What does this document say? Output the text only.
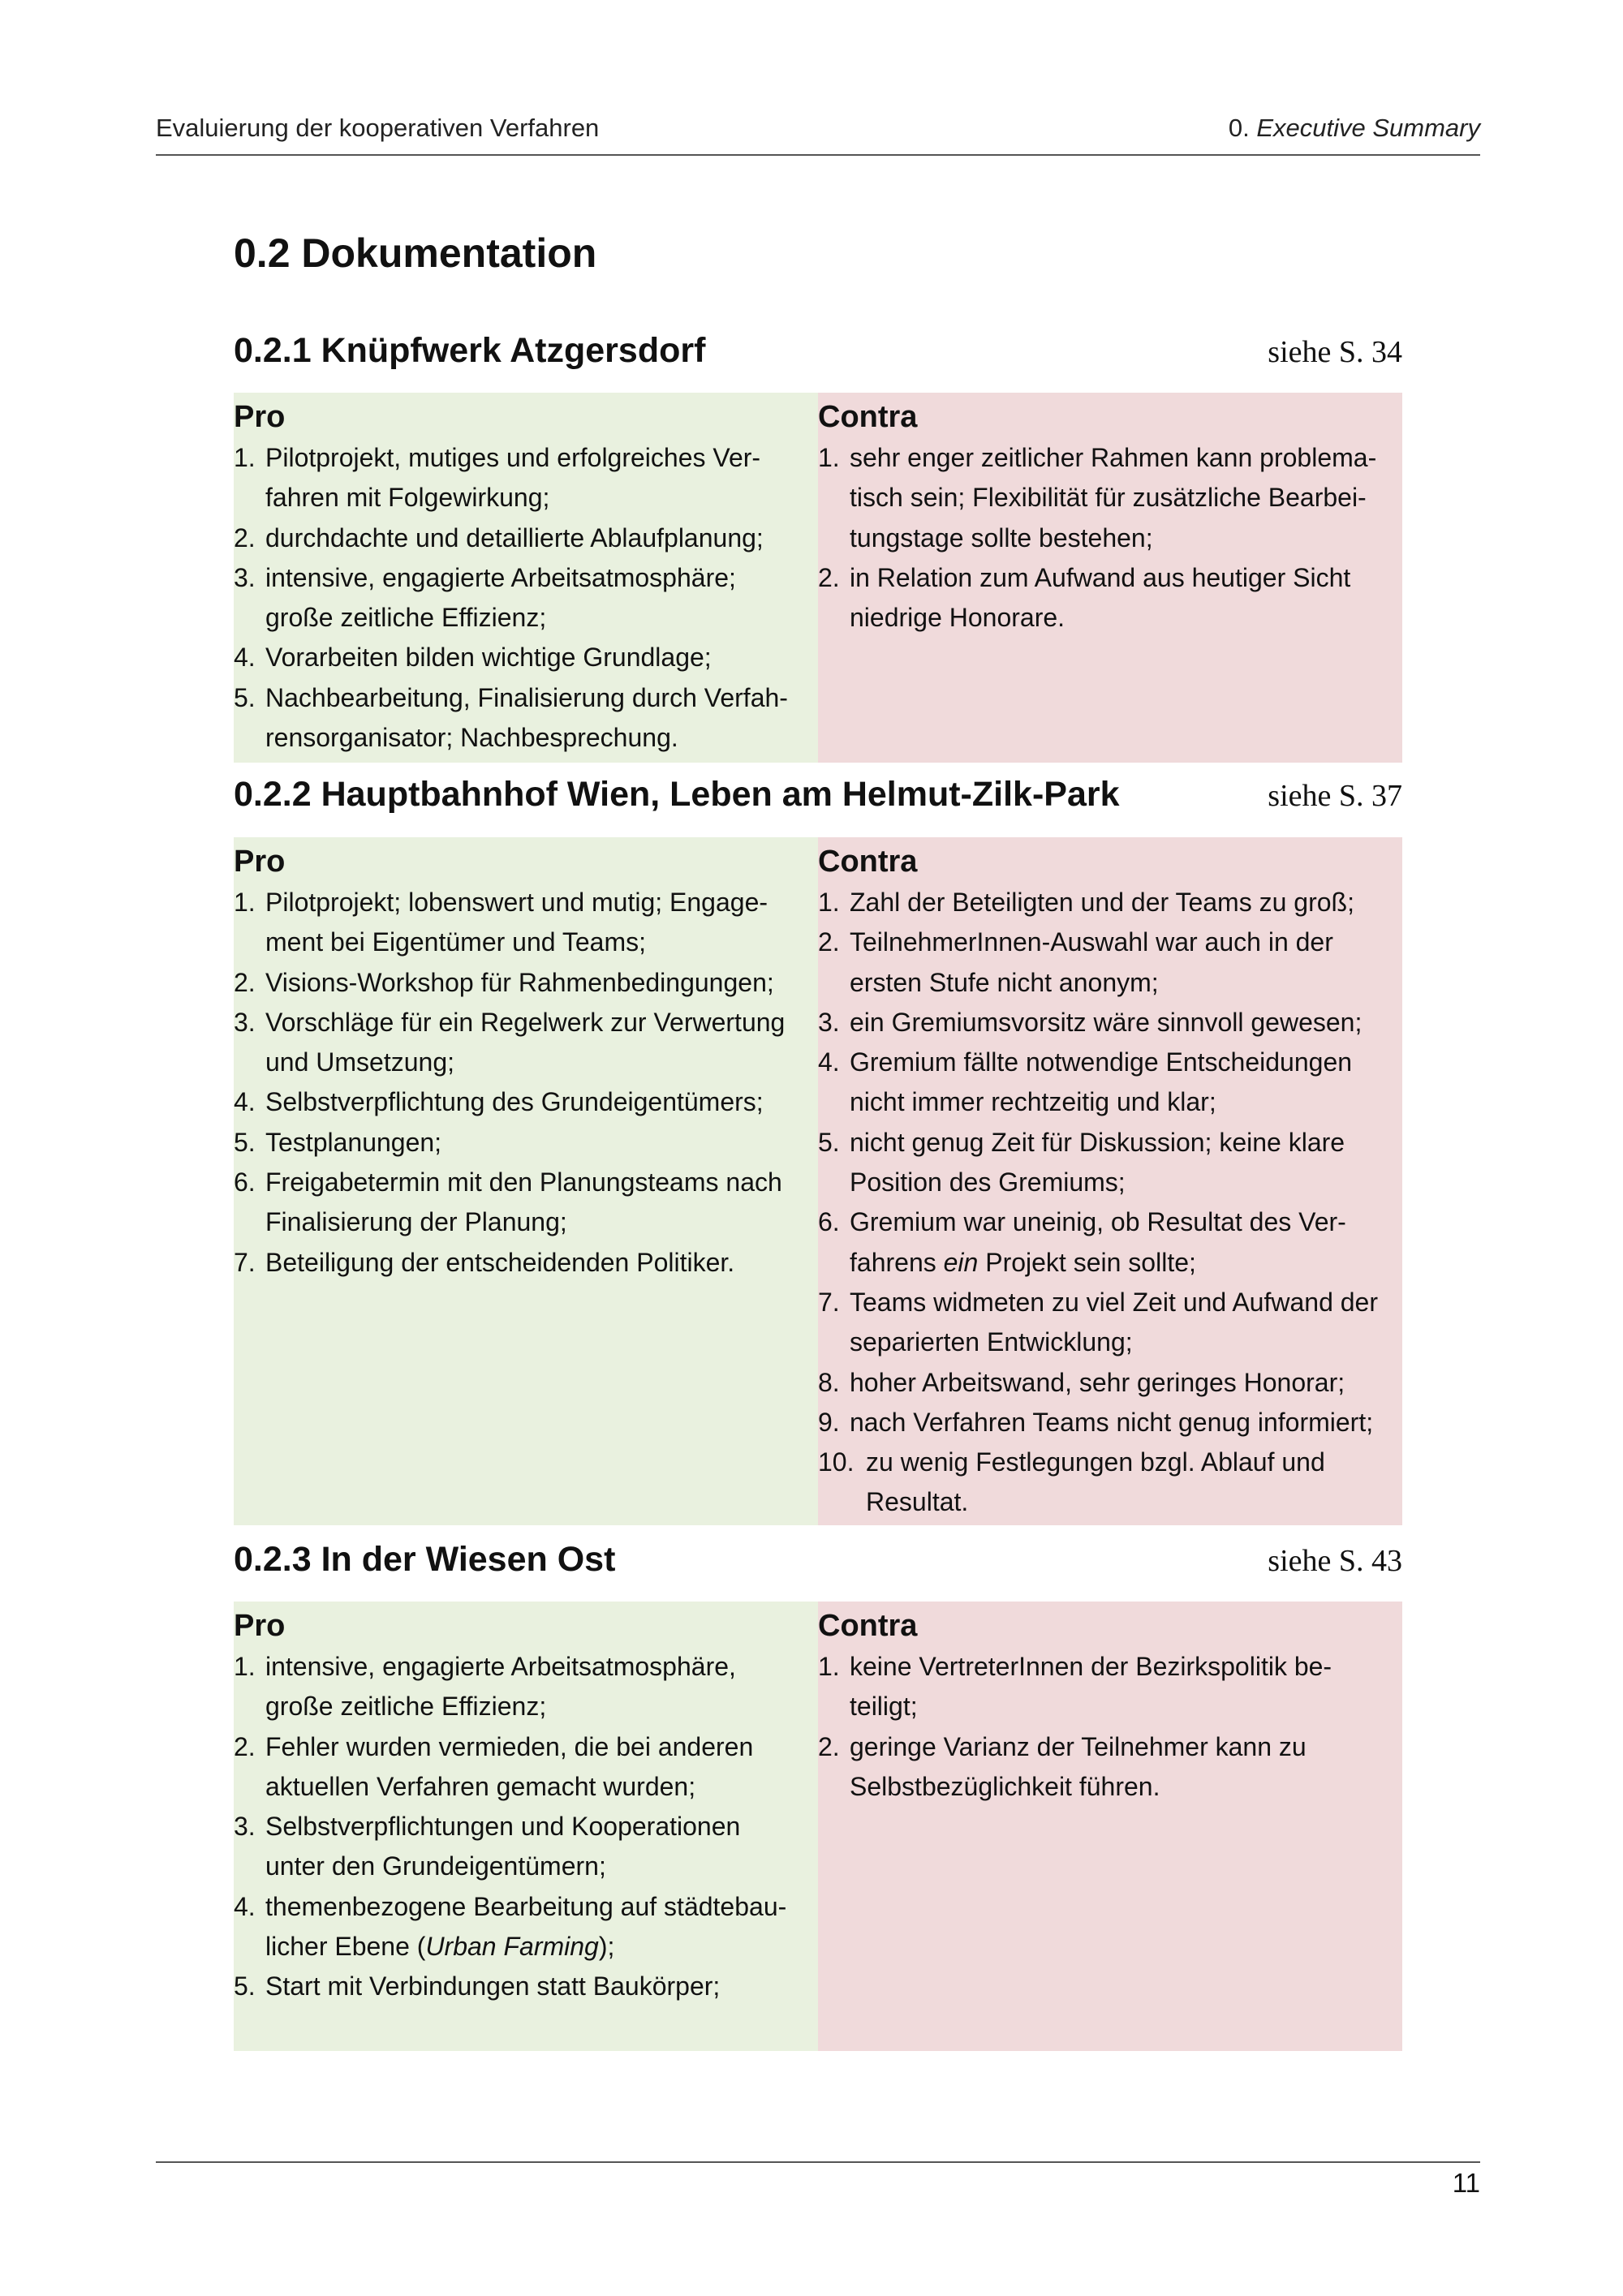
Evaluierung der kooperativen Verfahren	0. Executive Summary
0.2 Dokumentation
0.2.1 Knüpfwerk Atzgersdorf	siehe S. 34
Pro
1. Pilotprojekt, mutiges und erfolgreiches Ver-
fahren mit Folgewirkung;
2. durchdachte und detaillierte Ablaufplanung;
3. intensive, engagierte Arbeitsatmosphäre;
große zeitliche Effizienz;
4. Vorarbeiten bilden wichtige Grundlage;
5. Nachbearbeitung, Finalisierung durch Verfah-
rensorganisator; Nachbesprechung.
Contra
1. sehr enger zeitlicher Rahmen kann problema-
tisch sein; Flexibilität für zusätzliche Bearbei-
tungstage sollte bestehen;
2. in Relation zum Aufwand aus heutiger Sicht
niedrige Honorare.
0.2.2 Hauptbahnhof Wien, Leben am Helmut-Zilk-Park	siehe S. 37
Pro
1. Pilotprojekt; lobenswert und mutig; Engage-
ment bei Eigentümer und Teams;
2. Visions-Workshop für Rahmenbedingungen;
3. Vorschläge für ein Regelwerk zur Verwertung
und Umsetzung;
4. Selbstverpflichtung des Grundeigentümers;
5. Testplanungen;
6. Freigabetermin mit den Planungsteams nach
Finalisierung der Planung;
7. Beteiligung der entscheidenden Politiker.
Contra
1. Zahl der Beteiligten und der Teams zu groß;
2. TeilnehmerInnen-Auswahl war auch in der
ersten Stufe nicht anonym;
3. ein Gremiumsvorsitz wäre sinnvoll gewesen;
4. Gremium fällte notwendige Entscheidungen
nicht immer rechtzeitig und klar;
5. nicht genug Zeit für Diskussion; keine klare
Position des Gremiums;
6. Gremium war uneinig, ob Resultat des Ver-
fahrens ein Projekt sein sollte;
7. Teams widmeten zu viel Zeit und Aufwand der
separierten Entwicklung;
8. hoher Arbeitswand, sehr geringes Honorar;
9. nach Verfahren Teams nicht genug informiert;
10. zu wenig Festlegungen bzgl. Ablauf und
Resultat.
0.2.3 In der Wiesen Ost	siehe S. 43
Pro
1. intensive, engagierte Arbeitsatmosphäre,
große zeitliche Effizienz;
2. Fehler wurden vermieden, die bei anderen
aktuellen Verfahren gemacht wurden;
3. Selbstverpflichtungen und Kooperationen
unter den Grundeigentümern;
4. themenbezogene Bearbeitung auf städtebau-
licher Ebene (Urban Farming);
5. Start mit Verbindungen statt Baukörper;
Contra
1. keine VertreterInnen der Bezirkspolitik be-
teiligt;
2. geringe Varianz der Teilnehmer kann zu
Selbstbezüglichkeit führen.
11
